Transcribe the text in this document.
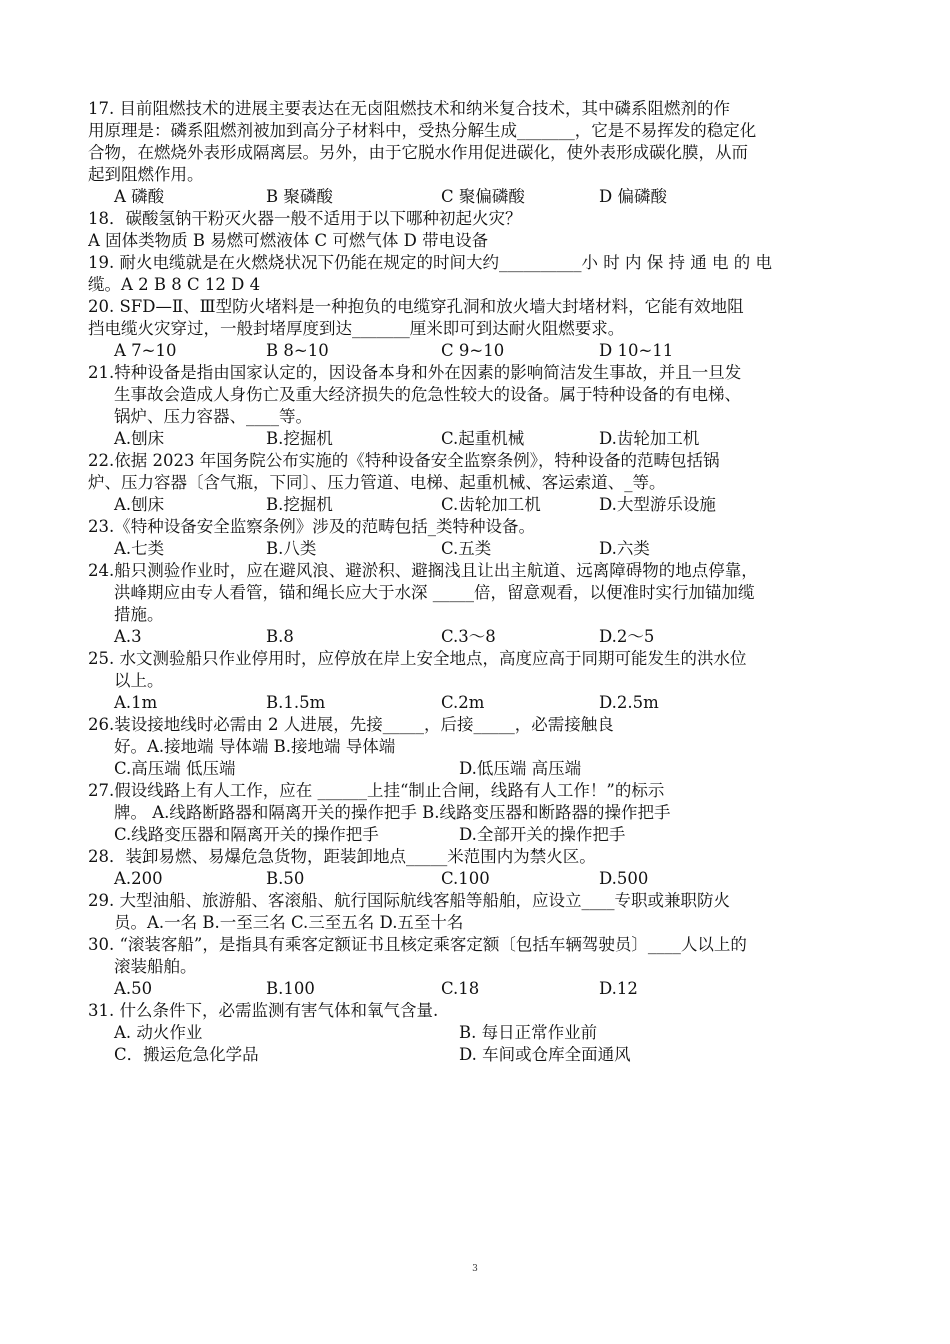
17. 目前阻燃技术的进展主要表达在无卤阻燃技术和纳米复合技术，其中磷系阻燃剂的作
用原理是：磷系阻燃剂被加到高分子材料中，受热分解生成_______，它是不易挥发的稳定化
合物，在燃烧外表形成隔离层。另外，由于它脱水作用促进碳化，使外表形成碳化膜，从而
起到阻燃作用。
A 磷酸	B 聚磷酸	C 聚偏磷酸	D 偏磷酸
18．碳酸氢钠干粉灭火器一般不适用于以下哪种初起火灾？
A 固体类物质 B 易燃可燃液体 C 可燃气体 D 带电设备
19. 耐火电缆就是在火燃烧状况下仍能在规定的时间大约__________小 时 内 保 持 通 电 的 电
缆。A 2 B 8 C 12 D 4
20. SFD—Ⅱ、Ⅲ型防火堵料是一种抱负的电缆穿孔洞和放火墙大封堵材料，它能有效地阻
挡电缆火灾穿过，一般封堵厚度到达_______厘米即可到达耐火阻燃要求。
A 7~10	B 8~10	C 9~10	D 10~11
21.特种设备是指由国家认定的，因设备本身和外在因素的影响简洁发生事故，并且一旦发
生事故会造成人身伤亡及重大经济损失的危急性较大的设备。属于特种设备的有电梯、
锅炉、压力容器、____等。
A.刨床	B.挖掘机	C.起重机械	D.齿轮加工机
22.依据 2023 年国务院公布实施的《特种设备安全监察条例》，特种设备的范畴包括锅
炉、压力容器〔含气瓶，下同〕、压力管道、电梯、起重机械、客运索道、_等。
A.刨床	B.挖掘机	C.齿轮加工机	D.大型游乐设施
23.《特种设备安全监察条例》涉及的范畴包括_类特种设备。
A.七类	B.八类	C.五类	D.六类
24.船只测验作业时，应在避风浪、避淤积、避搁浅且让出主航道、远离障碍物的地点停靠，
洪峰期应由专人看管，锚和绳长应大于水深 _____倍，留意观看，以便准时实行加锚加缆
措施。
A.3	B.8	C.3～8	D.2～5
25. 水文测验船只作业停用时，应停放在岸上安全地点，高度应高于同期可能发生的洪水位
以上。
A.1m	B.1.5m	C.2m	D.2.5m
26.装设接地线时必需由 2 人进展，先接_____，后接_____，必需接触良
好。A.接地端 导体端 B.接地端 导体端
C.高压端 低压端	D.低压端 高压端
27.假设线路上有人工作，应在 ______上挂“制止合闸，线路有人工作！”的标示
牌。 A.线路断路器和隔离开关的操作把手 B.线路变压器和断路器的操作把手
C.线路变压器和隔离开关的操作把手	D.全部开关的操作把手
28．装卸易燃、易爆危急货物，距装卸地点_____米范围内为禁火区。
A.200	B.50	C.100	D.500
29. 大型油船、旅游船、客滚船、航行国际航线客船等船舶，应设立____专职或兼职防火
员。A.一名 B.一至三名 C.三至五名 D.五至十名
30. “滚装客船”，是指具有乘客定额证书且核定乘客定额〔包括车辆驾驶员〕____人以上的
滚装船舶。
A.50	B.100	C.18	D.12
31. 什么条件下，必需监测有害气体和氧气含量.
A. 动火作业	B. 每日正常作业前
C．搬运危急化学品	D. 车间或仓库全面通风
3
